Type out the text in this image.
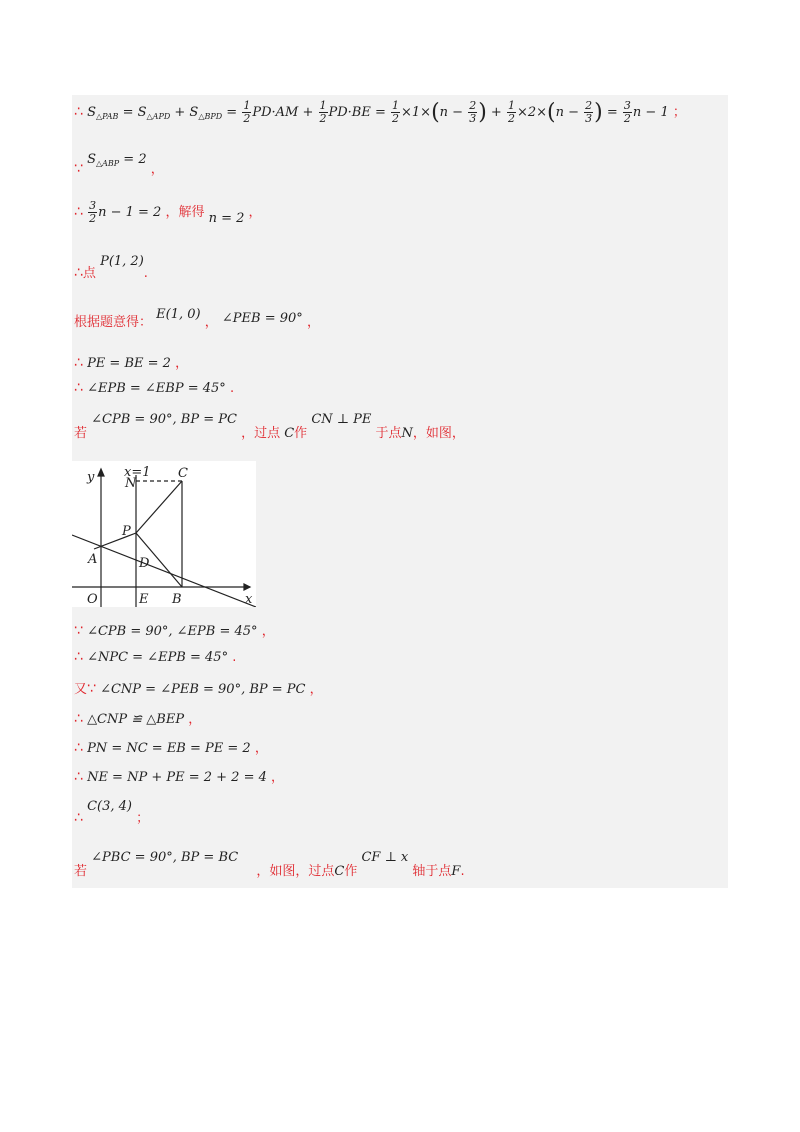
∴ $S_{\triangle PAB} = S_{\triangle APD} + S_{\triangle BPD} = \frac{1}{2} PD\cdot AM + \frac{1}{2} PD\cdot BE = \frac{1}{2} \times 1\times(n - \frac{2}{3}$ ) + $\frac{1}{2} \times 2\times(n - \frac{2}{3}$ ) = $\frac{3}{2}$ n − 1 ；
∵ $S_{\triangle ABP} = 2$ ，
∴ $\frac{3}{2}$ n − 1 = 2 ，解得 n = 2 ，
∴点 P(1, 2).
根据题意得： E(1, 0) ， ∠PEB = 90° ，
∴ PE = BE = 2 ，
∴ ∠EPB = ∠EBP = 45° .
若 ∠CPB = 90°, BP = PC ，过点 C作 CN ⊥ PE 于点N，如图，
y
x
O	E B
A
P
D
N
C
x=1
∵ ∠CPB = 90°, ∠EPB = 45° ，
∴ ∠NPC = ∠EPB = 45° .
又∵ ∠CNP = ∠PEB = 90°, BP = PC ，
∴ △CNP ≌ △BEP ，
∴ PN = NC = EB = PE = 2 ，
∴ NE = NP + PE = 2 + 2 = 4 ，
∴ C(3, 4) ；
若 ∠PBC = 90°, BP = BC ，如图，过点C作 CF ⊥ x 轴于点F.
